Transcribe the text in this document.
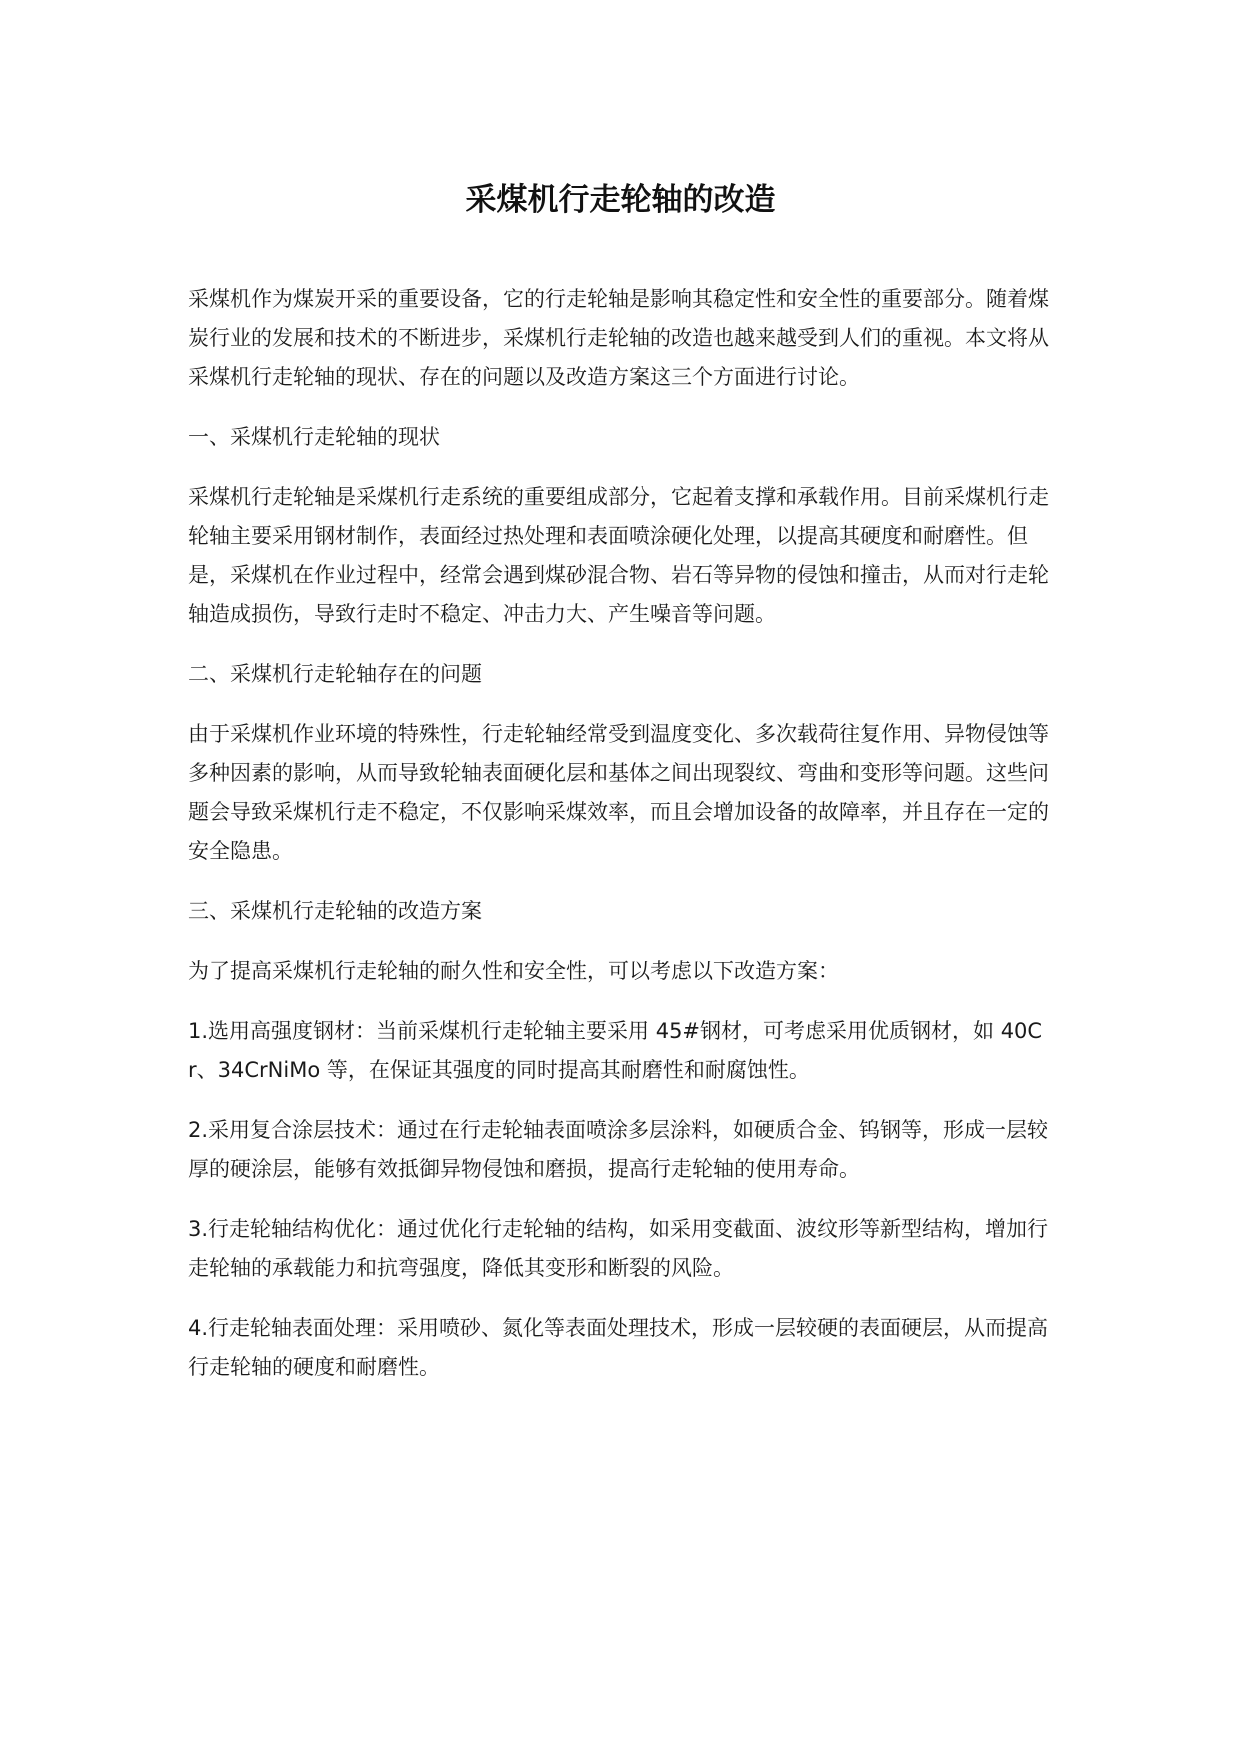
采煤机行走轮轴的改造

采煤机作为煤炭开采的重要设备，它的行走轮轴是影响其稳定性和安全性的重要部分。随着煤炭行业的发展和技术的不断进步，采煤机行走轮轴的改造也越来越受到人们的重视。本文将从采煤机行走轮轴的现状、存在的问题以及改造方案这三个方面进行讨论。

一、采煤机行走轮轴的现状

采煤机行走轮轴是采煤机行走系统的重要组成部分，它起着支撑和承载作用。目前采煤机行走轮轴主要采用钢材制作，表面经过热处理和表面喷涂硬化处理，以提高其硬度和耐磨性。但是，采煤机在作业过程中，经常会遇到煤砂混合物、岩石等异物的侵蚀和撞击，从而对行走轮轴造成损伤，导致行走时不稳定、冲击力大、产生噪音等问题。

二、采煤机行走轮轴存在的问题

由于采煤机作业环境的特殊性，行走轮轴经常受到温度变化、多次载荷往复作用、异物侵蚀等多种因素的影响，从而导致轮轴表面硬化层和基体之间出现裂纹、弯曲和变形等问题。这些问题会导致采煤机行走不稳定，不仅影响采煤效率，而且会增加设备的故障率，并且存在一定的安全隐患。

三、采煤机行走轮轴的改造方案

为了提高采煤机行走轮轴的耐久性和安全性，可以考虑以下改造方案：

1.选用高强度钢材：当前采煤机行走轮轴主要采用 45#钢材，可考虑采用优质钢材，如 40Cr、34CrNiMo 等，在保证其强度的同时提高其耐磨性和耐腐蚀性。

2.采用复合涂层技术：通过在行走轮轴表面喷涂多层涂料，如硬质合金、钨钢等，形成一层较厚的硬涂层，能够有效抵御异物侵蚀和磨损，提高行走轮轴的使用寿命。

3.行走轮轴结构优化：通过优化行走轮轴的结构，如采用变截面、波纹形等新型结构，增加行走轮轴的承载能力和抗弯强度，降低其变形和断裂的风险。

4.行走轮轴表面处理：采用喷砂、氮化等表面处理技术，形成一层较硬的表面硬层，从而提高行走轮轴的硬度和耐磨性。
